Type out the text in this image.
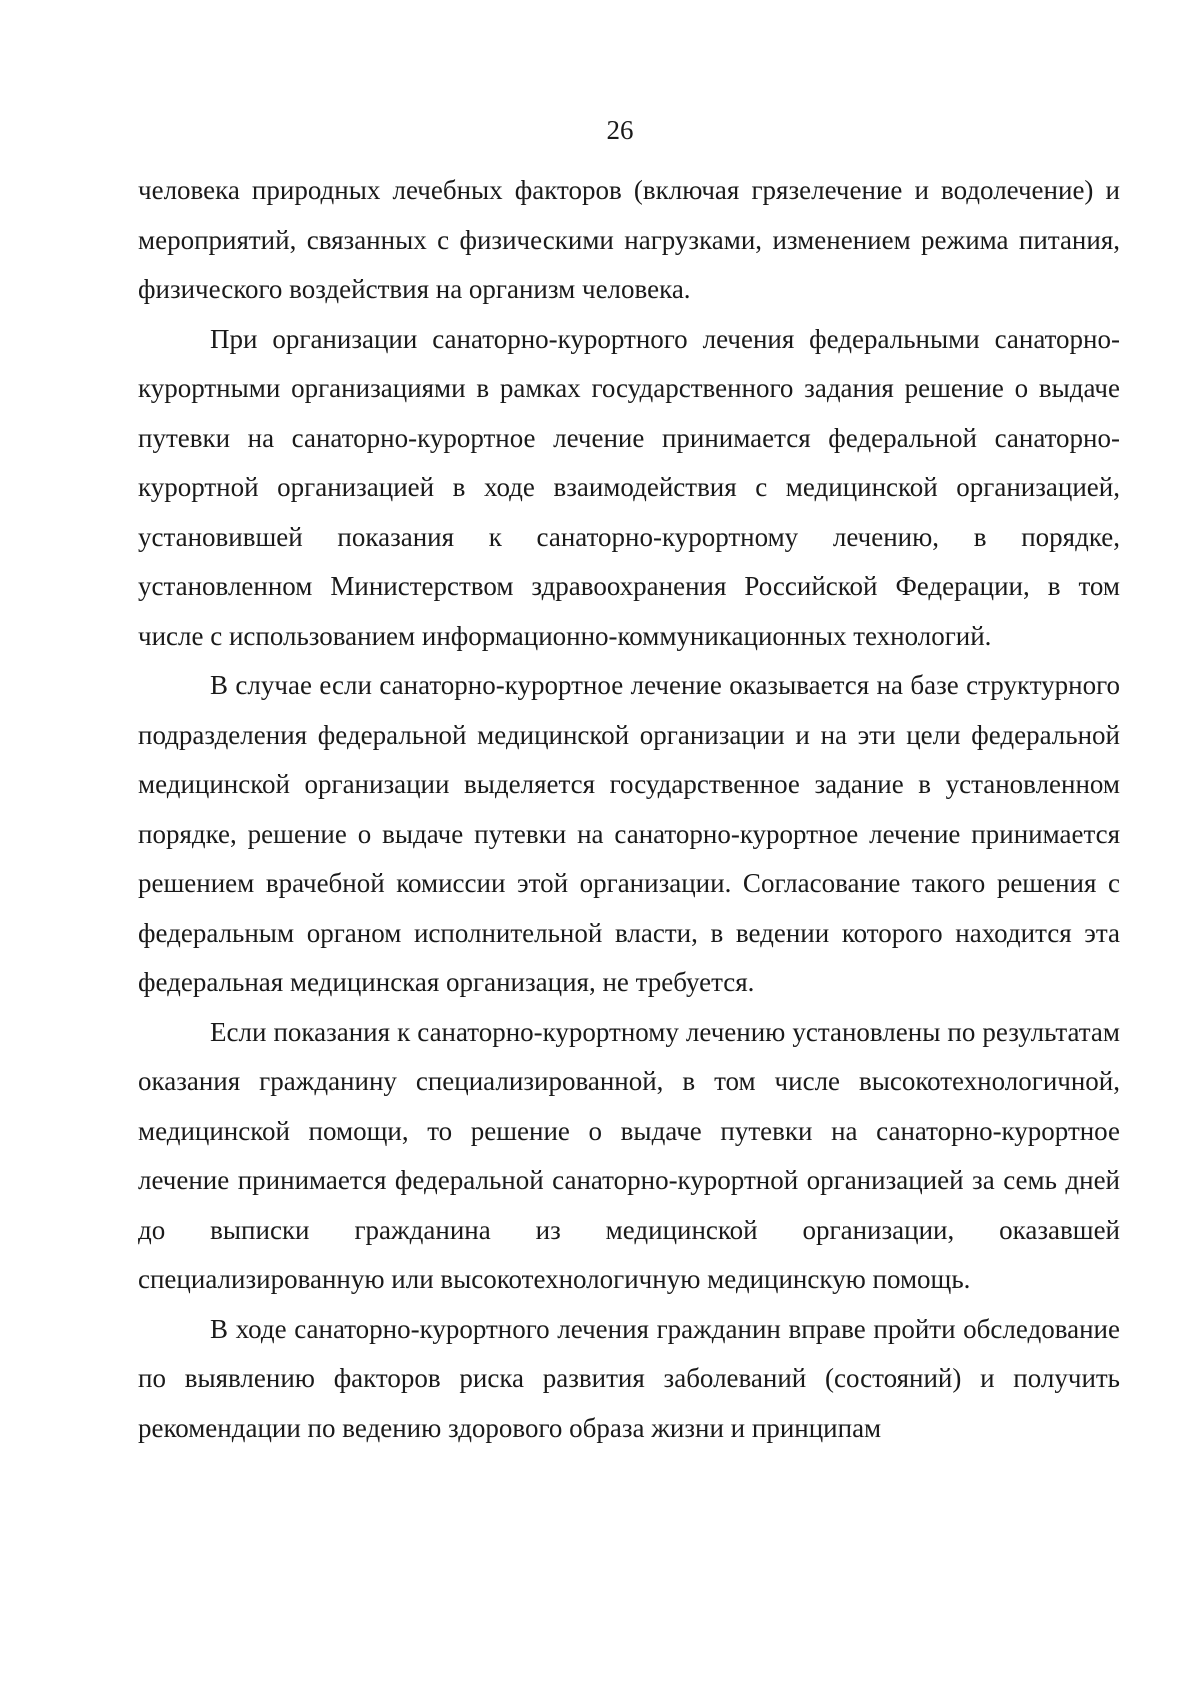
26

человека природных лечебных факторов (включая грязелечение и водолечение) и мероприятий, связанных с физическими нагрузками, изменением режима питания, физического воздействия на организм человека.

При организации санаторно-курортного лечения федеральными санаторно-курортными организациями в рамках государственного задания решение о выдаче путевки на санаторно-курортное лечение принимается федеральной санаторно-курортной организацией в ходе взаимодействия с медицинской организацией, установившей показания к санаторно-курортному лечению, в порядке, установленном Министерством здравоохранения Российской Федерации, в том числе с использованием информационно-коммуникационных технологий.

В случае если санаторно-курортное лечение оказывается на базе структурного подразделения федеральной медицинской организации и на эти цели федеральной медицинской организации выделяется государственное задание в установленном порядке, решение о выдаче путевки на санаторно-курортное лечение принимается решением врачебной комиссии этой организации. Согласование такого решения с федеральным органом исполнительной власти, в ведении которого находится эта федеральная медицинская организация, не требуется.

Если показания к санаторно-курортному лечению установлены по результатам оказания гражданину специализированной, в том числе высокотехнологичной, медицинской помощи, то решение о выдаче путевки на санаторно-курортное лечение принимается федеральной санаторно-курортной организацией за семь дней до выписки гражданина из медицинской организации, оказавшей специализированную или высокотехнологичную медицинскую помощь.

В ходе санаторно-курортного лечения гражданин вправе пройти обследование по выявлению факторов риска развития заболеваний (состояний) и получить рекомендации по ведению здорового образа жизни и принципам
